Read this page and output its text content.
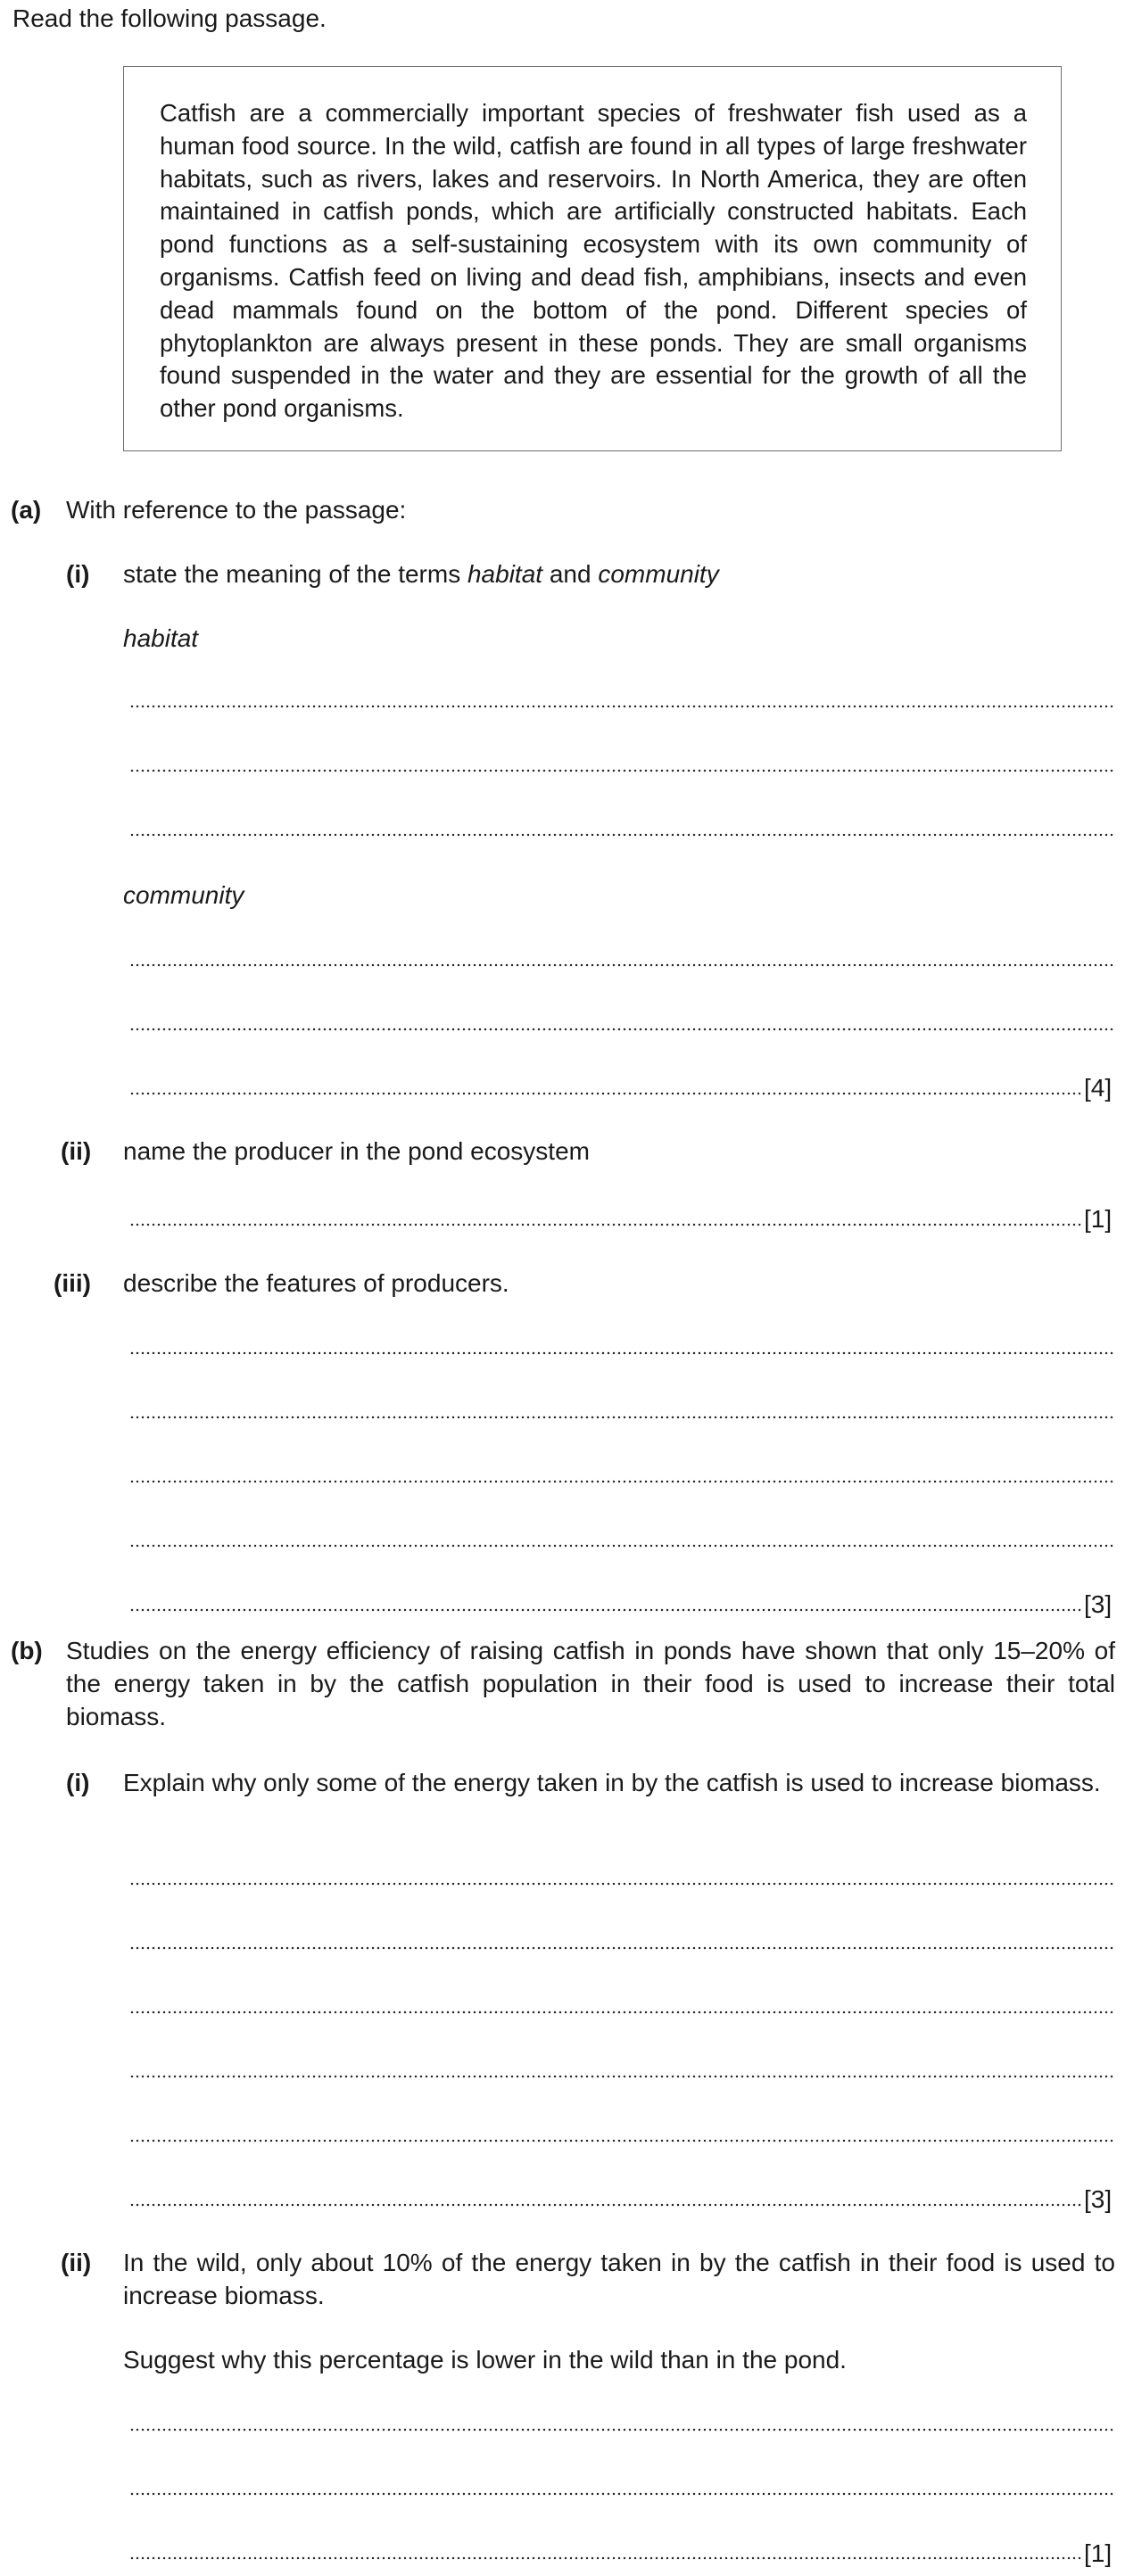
Read the following passage.

Catfish are a commercially important species of freshwater fish used as a human food source. In the wild, catfish are found in all types of large freshwater habitats, such as rivers, lakes and reservoirs. In North America, they are often maintained in catfish ponds, which are artificially constructed habitats. Each pond functions as a self-sustaining ecosystem with its own community of organisms. Catfish feed on living and dead fish, amphibians, insects and even dead mammals found on the bottom of the pond. Different species of phytoplankton are always present in these ponds. They are small organisms found suspended in the water and they are essential for the growth of all the other pond organisms.

(a) With reference to the passage:
(i) state the meaning of the terms habitat and community
habitat
community
[4]
(ii) name the producer in the pond ecosystem
[1]
(iii) describe the features of producers.
[3]
(b) Studies on the energy efficiency of raising catfish in ponds have shown that only 15–20% of the energy taken in by the catfish population in their food is used to increase their total biomass.

(i) Explain why only some of the energy taken in by the catfish is used to increase biomass.

[3]
(ii) In the wild, only about 10% of the energy taken in by the catfish in their food is used to increase biomass.

Suggest why this percentage is lower in the wild than in the pond.
[1]
